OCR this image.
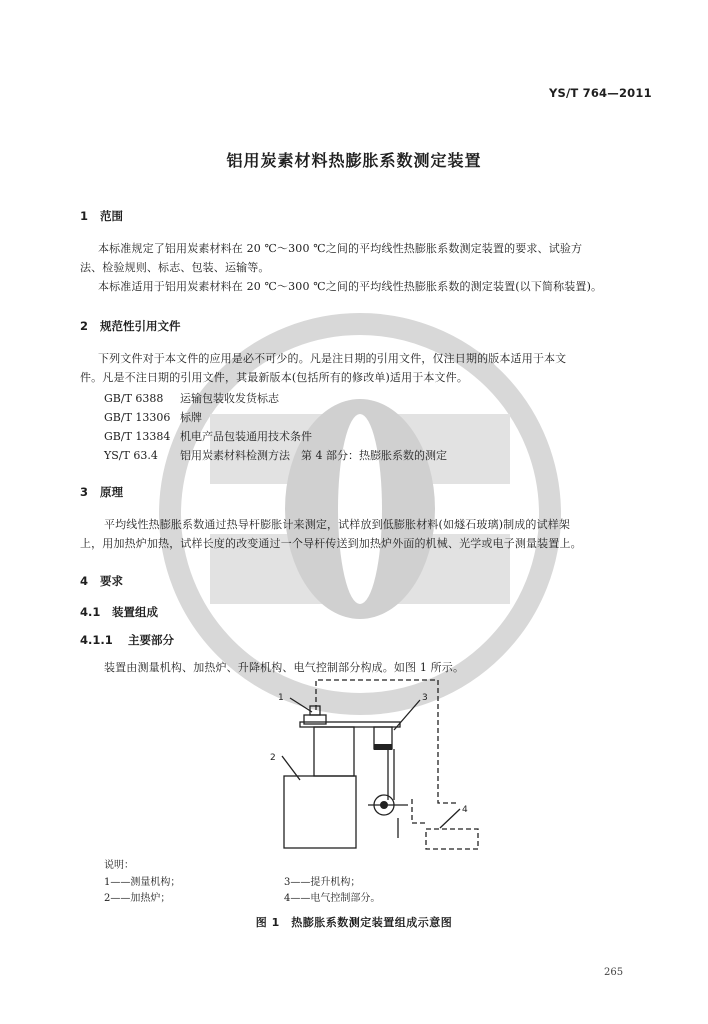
YS/T 764—2011
铝用炭素材料热膨胀系数测定装置
1 范围

本标准规定了铝用炭素材料在 20 ℃～300 ℃之间的平均线性热膨胀系数测定装置的要求、试验方

法、检验规则、标志、包装、运输等。

本标准适用于铝用炭素材料在 20 ℃～300 ℃之间的平均线性热膨胀系数的测定装置(以下简称装置)。

2 规范性引用文件

下列文件对于本文件的应用是必不可少的。凡是注日期的引用文件，仅注日期的版本适用于本文

件。凡是不注日期的引用文件，其最新版本(包括所有的修改单)适用于本文件。

GB/T 6388 运输包装收发货标志
GB/T 13306 标牌
GB/T 13384 机电产品包装通用技术条件
YS/T 63.4 铝用炭素材料检测方法　第 4 部分：热膨胀系数的测定
3 原理

平均线性热膨胀系数通过热导杆膨胀计来测定，试样放到低膨胀材料(如燧石玻璃)制成的试样架

上，用加热炉加热，试样长度的改变通过一个导杆传送到加热炉外面的机械、光学或电子测量装置上。

4 要求
4.1 装置组成
4.1.1 主要部分

装置由测量机构、加热炉、升降机构、电气控制部分构成。如图 1 所示。

1
2
3
4
说明：
1——测量机构；
2——加热炉；
3——提升机构；
4——电气控制部分。
图 1　热膨胀系数测定装置组成示意图
265
